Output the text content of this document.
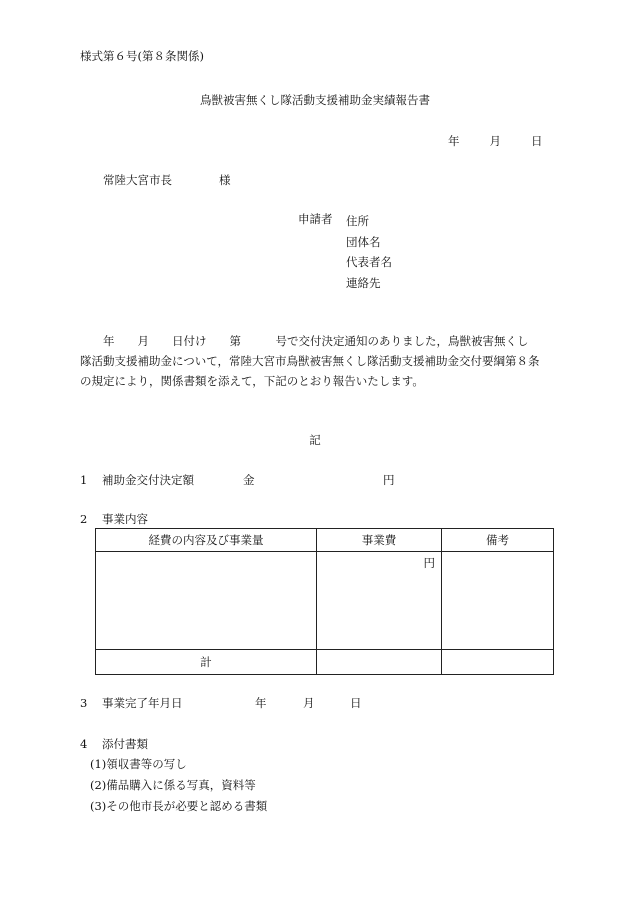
様式第６号(第８条関係)
鳥獣被害無くし隊活動支援補助金実績報告書
年	月	日
常陸大宮市長	様
申請者 住所
団体名
代表者名
連絡先
　　年　　月　　日付け　　第　　　号で交付決定通知のありました，鳥獣被害無くし
隊活動支援補助金について，常陸大宮市鳥獣被害無くし隊活動支援補助金交付要綱第８条
の規定により，関係書類を添えて，下記のとおり報告いたします。
記
1 補助金交付決定額	金	円
2 事業内容
経費の内容及び事業量	事業費	備考
	円	
計		
3 事業完了年月日	年	月	日
4 添付書類
(1)領収書等の写し
(2)備品購入に係る写真，資料等
(3)その他市長が必要と認める書類
